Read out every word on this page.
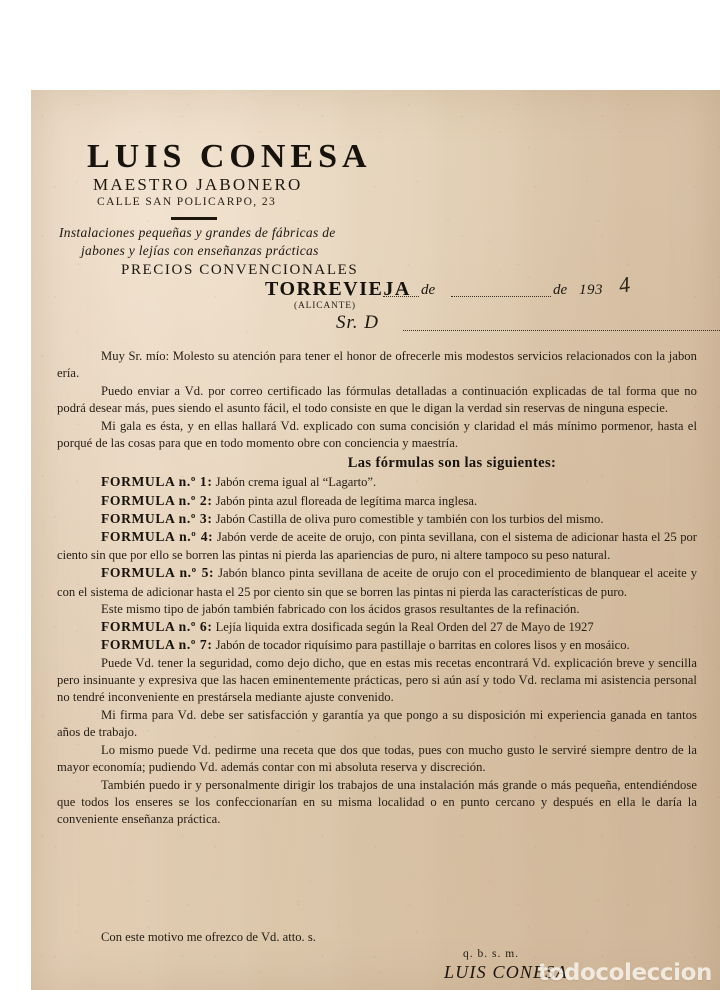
LUIS CONESA
MAESTRO JABONERO
CALLE SAN POLICARPO, 23
Instalaciones pequeñas y grandes de fábricas de
jabones y lejías con enseñanzas prácticas
PRECIOS CONVENCIONALES
TORREVIEJA
(ALICANTE)
de	de 193 4
Sr. D

Muy Sr. mío: Molesto su atención para tener el honor de ofrecerle mis modestos servicios relacionados con la jabon ería.

Puedo enviar a Vd. por correo certificado las fórmulas detalladas a continuación explicadas de tal forma que no podrá desear más, pues siendo el asunto fácil, el todo consiste en que le digan la verdad sin reservas de ninguna especie.

Mi gala es ésta, y en ellas hallará Vd. explicado con suma concisión y claridad el más mínimo pormenor, hasta el porqué de las cosas para que en todo momento obre con conciencia y maestría.

Las fórmulas son las siguientes:
FORMULA n.º 1: Jabón crema igual al “Lagarto”.
FORMULA n.º 2: Jabón pinta azul floreada de legítima marca inglesa.
FORMULA n.º 3: Jabón Castilla de oliva puro comestible y también con los turbios del mismo.
FORMULA n.º 4: Jabón verde de aceite de orujo, con pinta sevillana, con el sistema de adicionar hasta el 25 por ciento sin que por ello se borren las pintas ni pierda las apariencias de puro, ni altere tampoco su peso natural.
FORMULA n.º 5: Jabón blanco pinta sevillana de aceite de orujo con el procedimiento de blanquear el aceite y con el sistema de adicionar hasta el 25 por ciento sin que se borren las pintas ni pierda las características de puro.

Este mismo tipo de jabón también fabricado con los ácidos grasos resultantes de la refinación.

FORMULA n.º 6: Lejía liquida extra dosificada según la Real Orden del 27 de Mayo de 1927
FORMULA n.º 7: Jabón de tocador riquísimo para pastillaje o barritas en colores lisos y en mosáico.

Puede Vd. tener la seguridad, como dejo dicho, que en estas mis recetas encontrará Vd. explicación breve y sencilla pero insinuante y expresiva que las hacen eminentemente prácticas, pero si aún así y todo Vd. reclama mi asistencia personal no tendré inconveniente en prestársela mediante ajuste convenido.

Mi firma para Vd. debe ser satisfacción y garantía ya que pongo a su disposición mi experiencia ganada en tantos años de trabajo.

Lo mismo puede Vd. pedirme una receta que dos que todas, pues con mucho gusto le serviré siempre dentro de la mayor economía; pudiendo Vd. además contar con mi absoluta reserva y discreción.

También puedo ir y personalmente dirigir los trabajos de una instalación más grande o más pequeña, entendiéndose que todos los enseres se los confeccionarían en su misma localidad o en punto cercano y después en ella le daría la conveniente enseñanza práctica.

Con este motivo me ofrezco de Vd. atto. s.
q. b. s. m.
LUIS CONESA
todocoleccion
